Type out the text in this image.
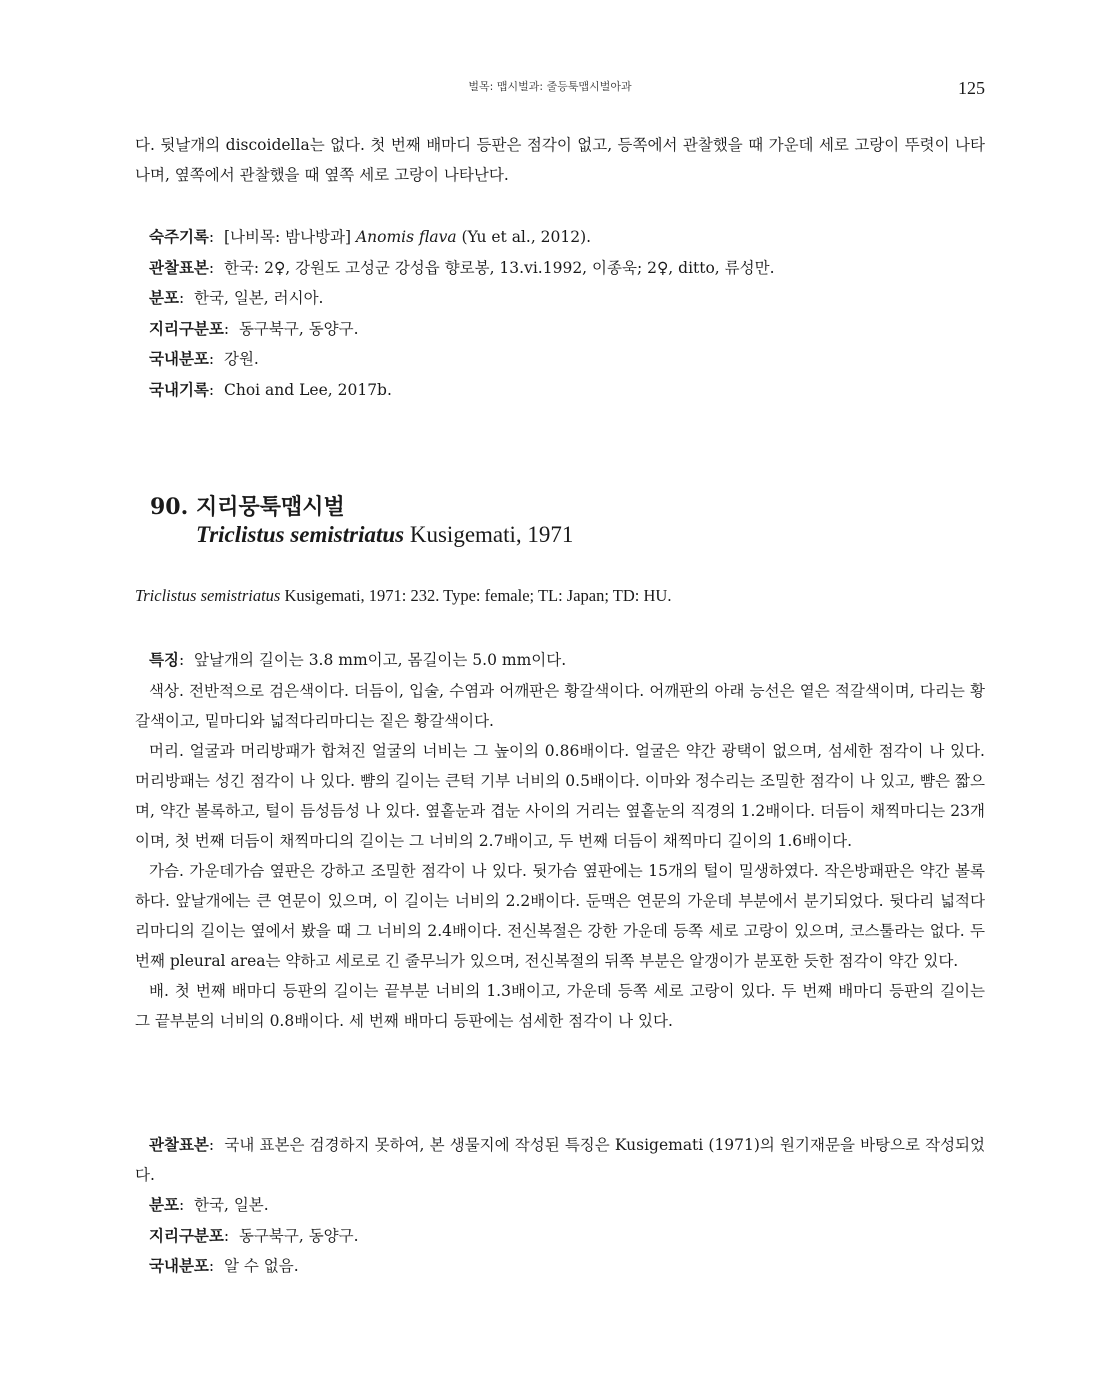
벌목: 맵시벌과: 줄등툭맵시벌아과	125

다. 뒷날개의 discoidella는 없다. 첫 번째 배마디 등판은 점각이 없고, 등쪽에서 관찰했을 때 가운데 세로 고랑이 뚜렷이 나타나며, 옆쪽에서 관찰했을 때 옆쪽 세로 고랑이 나타난다.

숙주기록:  [나비목: 밤나방과] Anomis flava (Yu et al., 2012).

관찰표본:  한국: 2♀, 강원도 고성군 강성읍 향로봉, 13.vi.1992, 이종욱; 2♀, ditto, 류성만.

분포:  한국, 일본, 러시아.

지리구분포:  동구북구, 동양구.

국내분포:  강원.

국내기록:  Choi and Lee, 2017b.

90. 지리뭉툭맵시벌
Triclistus semistriatus Kusigemati, 1971
Triclistus semistriatus Kusigemati, 1971: 232. Type: female; TL: Japan; TD: HU.

특징:  앞날개의 길이는 3.8 mm이고, 몸길이는 5.0 mm이다.

색상. 전반적으로 검은색이다. 더듬이, 입술, 수염과 어깨판은 황갈색이다. 어깨판의 아래 능선은 옅은 적갈색이며, 다리는 황갈색이고, 밑마디와 넓적다리마디는 짙은 황갈색이다.

머리. 얼굴과 머리방패가 합쳐진 얼굴의 너비는 그 높이의 0.86배이다. 얼굴은 약간 광택이 없으며, 섬세한 점각이 나 있다. 머리방패는 성긴 점각이 나 있다. 뺨의 길이는 큰턱 기부 너비의 0.5배이다. 이마와 정수리는 조밀한 점각이 나 있고, 뺨은 짧으며, 약간 볼록하고, 털이 듬성듬성 나 있다. 옆홑눈과 겹눈 사이의 거리는 옆홑눈의 직경의 1.2배이다. 더듬이 채찍마디는 23개이며, 첫 번째 더듬이 채찍마디의 길이는 그 너비의 2.7배이고, 두 번째 더듬이 채찍마디 길이의 1.6배이다.

가슴. 가운데가슴 옆판은 강하고 조밀한 점각이 나 있다. 뒷가슴 옆판에는 15개의 털이 밀생하였다. 작은방패판은 약간 볼록하다. 앞날개에는 큰 연문이 있으며, 이 길이는 너비의 2.2배이다. 둔맥은 연문의 가운데 부분에서 분기되었다. 뒷다리 넓적다리마디의 길이는 옆에서 봤을 때 그 너비의 2.4배이다. 전신복절은 강한 가운데 등쪽 세로 고랑이 있으며, 코스툴라는 없다. 두 번째 pleural area는 약하고 세로로 긴 줄무늬가 있으며, 전신복절의 뒤쪽 부분은 알갱이가 분포한 듯한 점각이 약간 있다.

배. 첫 번째 배마디 등판의 길이는 끝부분 너비의 1.3배이고, 가운데 등쪽 세로 고랑이 있다. 두 번째 배마디 등판의 길이는 그 끝부분의 너비의 0.8배이다. 세 번째 배마디 등판에는 섬세한 점각이 나 있다.

관찰표본:  국내 표본은 검경하지 못하여, 본 생물지에 작성된 특징은 Kusigemati (1971)의 원기재문을 바탕으로 작성되었다.

분포:  한국, 일본.

지리구분포:  동구북구, 동양구.

국내분포:  알 수 없음.
